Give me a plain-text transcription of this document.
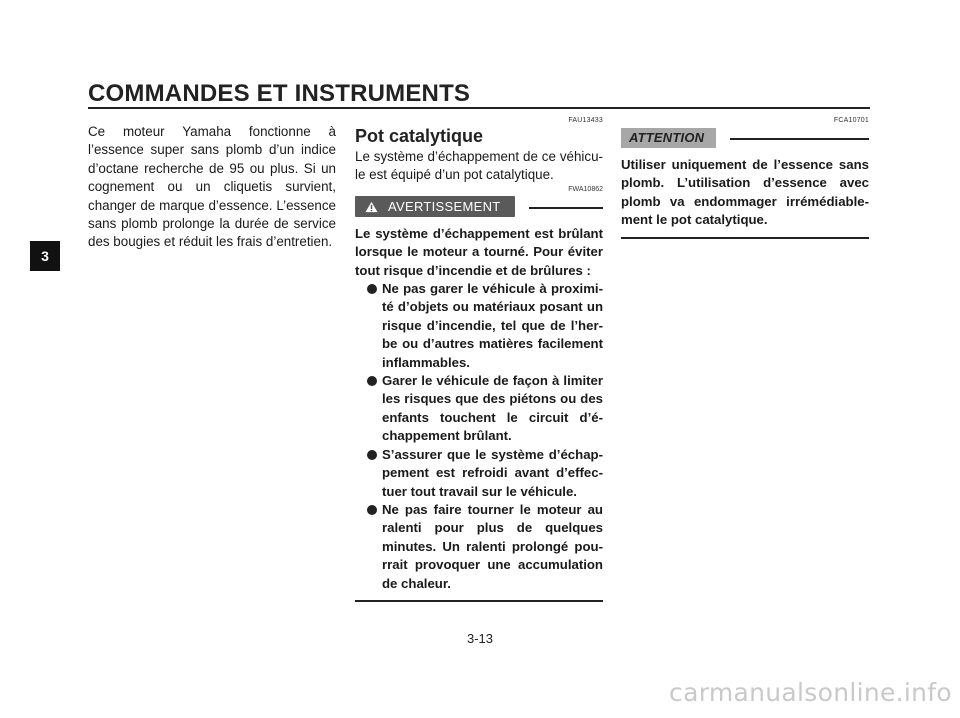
COMMANDES ET INSTRUMENTS
3

Ce moteur Yamaha fonctionne à l’essence super sans plomb d’un indice d’octane recherche de 95 ou plus. Si un cognement ou un cliquetis survient, changer de marque d’essence. L’essence sans plomb prolonge la durée de service des bougies et réduit les frais d’entretien.

FAU13433
Pot catalytique

Le système d’échappement de ce véhicule est équipé d’un pot catalytique.

FWA10862
AVERTISSEMENT

Le système d’échappement est brûlant lorsque le moteur a tourné. Pour éviter tout risque d’incendie et de brûlures :

Ne pas garer le véhicule à proximité d’objets ou matériaux posant un risque d’incendie, tel que de l’herbe ou d’autres matières facilement inflammables.
Garer le véhicule de façon à limiter les risques que des piétons ou des enfants touchent le circuit d’échappement brûlant.
S’assurer que le système d’échappement est refroidi avant d’effectuer tout travail sur le véhicule.
Ne pas faire tourner le moteur au ralenti pour plus de quelques minutes. Un ralenti prolongé pourrait provoquer une accumulation de chaleur.
FCA10701
ATTENTION

Utiliser uniquement de l’essence sans plomb. L’utilisation d’essence avec plomb va endommager irrémédiablement le pot catalytique.

3-13
carmanualsonline.info
